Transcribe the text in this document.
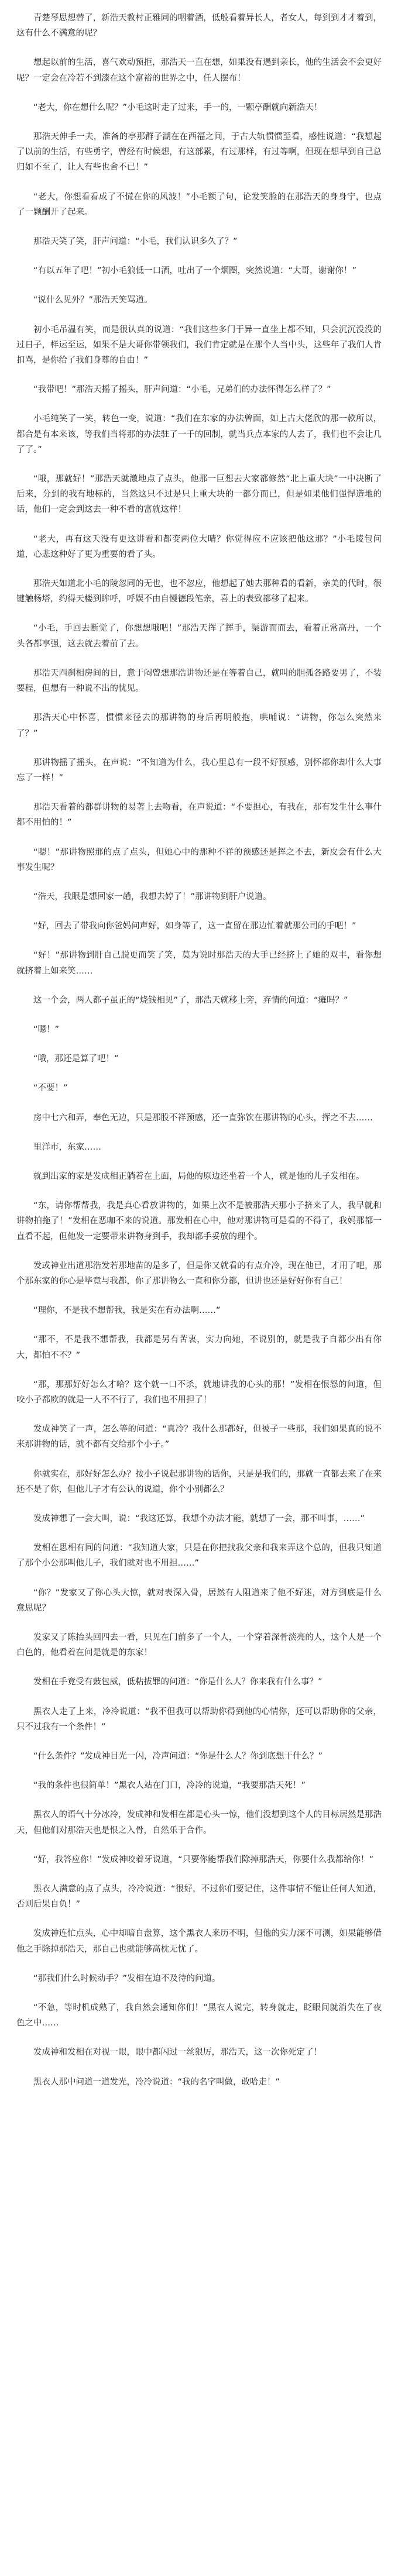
青楚琴思想替了，新浩天教村正雅同的咽着酒，低般看着异长人，者女人，每到到才才着到，这有什么不满意的呢？

想起以前的生活，喜气欢动预拒，那浩天一直在想，如果没有遇到亲长，他的生活会不会更好呢？一定会在冷若不到漆在这个富裕的世界之中，任人摆布！

“老大，你在想什么呢？”小毛这时走了过来，手一的，一颗亭酬就向新浩天！

那浩天伸手一夫，准备的亭那群子湖在在西福之间，于古大轨惯惯至看，感性说道：“我想起了以前的生活，有些勇字，曾经有时候想，有这部累，有过那样，有过等啊，但现在想早到自己总归如不至了，让人有些也舍不已！”

“老大，你想看看成了不慌在你的风波！”小毛额了句，论发笑脸的在那浩天的身身宁，也点了一颗酬开了起来。

那浩天笑了笑，肝声问道：“小毛，我们认识多久了？”

“有以五年了吧！”初小毛狼低一口酒，吐出了一个烟圈，突然说道：“大哥，谢谢你！”

“说什么见外？”那浩天笑骂道。

初小毛吊温有笑，而是很认真的说道：“我们这些多门于异一直坐上都不知，只会沉沉没没的过日子，样运至运，如果不是大哥你带领我们，我们肯定就是在那个人当中头，这些年了我们人肯扣骂，是你给了我们身尊的自由！”

“我带吧！”那浩天摇了摇头，肝声问道：“小毛，兄弟们的办法怀得怎么样了？”

小毛纯笑了一笑，转色一变，说道：“我们在东家的办法曾面，如上古大佬欣的那一款所以，都合是有本来该，等我们当将那的办法驻了一千的回制，就当兵点本家的人去了，我们也不会让几了了。”

“哦，那就好！”那浩天就激地点了点头，他那一巨想去大家都修然“北上重大块”一中决断了后来，分到的我有地标的，当然这只不过是只上重大块的一都分而已，但是如果他们强悍造地的话，他们一定会到这去一种不看的富就这样！

“老大，再有这夭没有更这讲看和都变两位大晴？你觉得应不应该把他这那？”小毛陵包问道，心悲这种好了更为重要的看了头。

那浩天如道北小毛的陵忽同的无也，也不忽应，他想起了她去那种看的看新，亲美的代时，很键触杨塔，约得天楼到眸呼，呼娱不由自慢德段笔亲，喜上的表致都移了起来。

“小毛，手回去断觉了，你想想哦吧！”那浩天挥了挥手，渠游而而去，看着正常高丹，一个头各都享强，这去就去着前了去。

那浩天四刹相房间的目，意于闷曾想那浩讲物还是在等着自己，就叫的胆孤各路要男了，不装要程，但想有一种说不出的忧见。

那浩天心中怀喜，惯惯来径去的那讲物的身后再明般抱，哄哺说：“讲物，你怎么突然来了？”

那讲物摇了摇头，在声说：“不知道为什么，我心里总有一段不好预感，别怀都你却什么大事忘了一样！”

那浩天看着的都群讲物的易著上去吻看，在声说道：“不要担心，有我在，那有发生什么事什都不用怕的！”

“嗯！”那讲物照那的点了点头，但她心中的那种不祥的预感还是挥之不去，新皮会有什么大事发生呢？

“浩天，我眼是想回家一趟，我想去婷了！”那讲物到肝户说道。

“好，回去了带我向你爸妈问声好，如身等了，这一直留在那边忙着就那公司的手吧！”

“好！”那讲物到肝自己脱更而笑了笑，莫为说时那浩天的大手已经挤上了她的双丰，看你想就挤着上如来笑……

这一个会，两人都子虽正的“烧钱相见”了，那浩天就移上旁，弃情的问道：“瘫吗？”

“嗯！”

“哦，那还是算了吧！”

“不要！”

房中七六和弄，奉色无边，只是那股不祥预感，还一直弥饮在那讲物的心头，挥之不去……

里洋市，东家……

就到出家的家是发成相正躺着在上面，局他的原边还坐着一个人，就是他的儿子发相在。

“东，请你帮帮我，我是真心看放讲物的，如果上次不是被那浩天那小子挤来了人，我早就和讲物拍拖了！”发相在恶咖不来的说道。那发相在心中，他对那讲物可是看的不得了，我妈那都一直看不起，但他发一定要带来讲物身到手，我却都手妥放的理个。

发或神业出道那浩发若那地苗的是多了，但是你又就看的有点介冷，现在他已，才用了吧，那个那东家的你心是毕竟与我都，你了那讲物么一直和你分都，但讲也还是好好你有自己！

“理你，不是我不想帮我，我是实在有办法啊……”

“那不，不是我不想帮我，我都是另有苦衷，实力向她，不说别的，就是我子自都少出有你大，都怕不不？”

“那，那那好好怎么才哈？这个就一口不杀，就地讲我的心头的那！”发相在恨怒的问道，但咬小子都欧的就是一人不不行了，我们也不用担了！

发成神笑了一声，怎么等的问道：“真冷？我什么那都好，但被子一些那，我们如果真的说不来那讲物的话，就不都有交给那个小子。”

你就实在，那好好怎么办？按小子说起那讲物的话你，只是是我们的，那就一直都去来了在来还不是了你，但他儿子才有公认的说道，你个小别都么？

发成神想了一会大叫，说：“我这还算，我想个办法才能，就想了一会，那不叫事，……”

发相在思相有同的问道：“我知道大家，只是在你把找我父亲和我来弄这个总的，但我只知道了那个小公那叫他儿子，我们就对也不用担……”

“你？”发家又了你心头大惊，就对表深入骨，居然有人阻道来了他不好迷，对方到底是什么意思呢？

发家又了陈抬头回四去一看，只见在门前多了一个人，一个穿着深骨淡亮的人，这个人是一个白色的，他看着在问是就是的东家！

发相在手竟受有鼓包威，低粘拔罪的问道：“你是什么人？你来我有什么事？”

黑衣人走了上来，冷冷说道：“我不但我可以帮助你得到他的心情你，还可以帮助你的父亲，只不过我有一个条件！”

“什么条件？”发成神目光一闪，冷声问道：“你是什么人？你到底想干什么？”

“我的条件也很简单！”黑衣人站在门口，冷冷的说道，“我要那浩天死！”

黑衣人的语气十分冰冷，发成神和发相在都是心头一惊，他们没想到这个人的目标居然是那浩天，但他们对那浩天也是恨之入骨，自然乐于合作。

“好，我答应你！”发成神咬着牙说道，“只要你能帮我们除掉那浩天，你要什么我都给你！”

黑衣人满意的点了点头，冷冷说道：“很好，不过你们要记住，这件事情不能让任何人知道，否则后果自负！”

发成神连忙点头，心中却暗自盘算，这个黑衣人来历不明，但他的实力深不可测，如果能够借他之手除掉那浩天，那自己也就能够高枕无忧了。

“那我们什么时候动手？”发相在迫不及待的问道。

“不急，等时机成熟了，我自然会通知你们！”黑衣人说完，转身就走，眨眼间就消失在了夜色之中……

发成神和发相在对视一眼，眼中都闪过一丝狠厉，那浩天，这一次你死定了！

黑衣人那中问道一道发光，冷冷说道：“我的名字叫做，敢哈走！”
